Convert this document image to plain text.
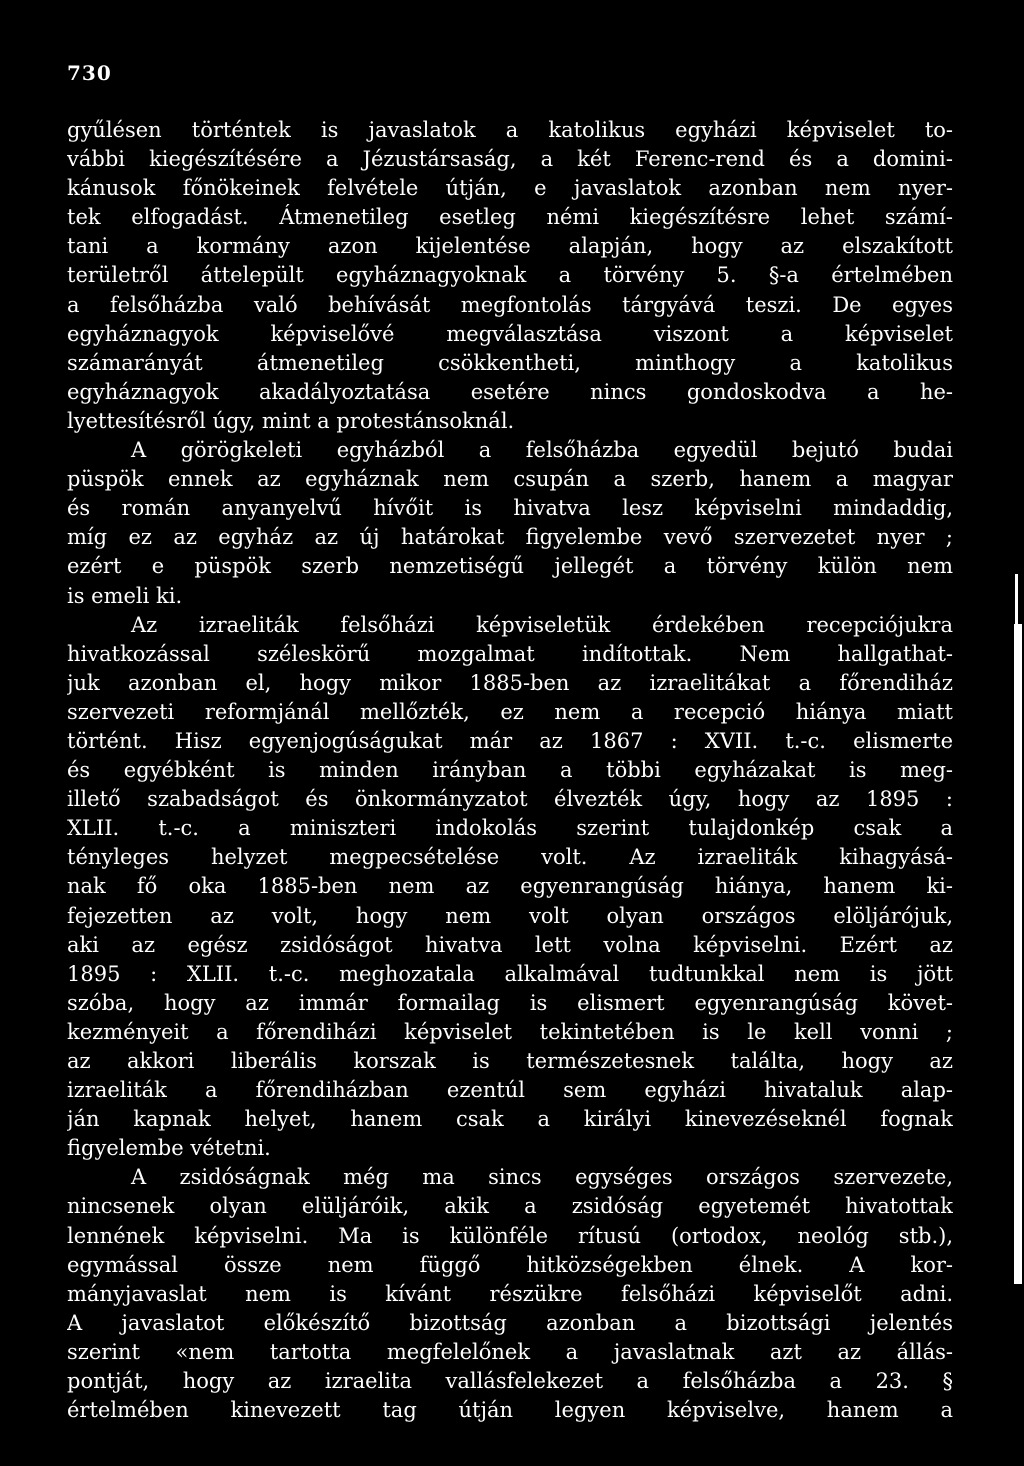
730
gyűlésen történtek is javaslatok a katolikus egyházi képviselet to-
vábbi kiegészítésére a Jézustársaság, a két Ferenc-rend és a domini-
kánusok főnökeinek felvétele útján, e javaslatok azonban nem nyer-
tek elfogadást. Átmenetileg esetleg némi kiegészítésre lehet számí-
tani a kormány azon kijelentése alapján, hogy az elszakított
területről áttelepült egyháznagyoknak a törvény 5. §-a értelmében
a felsőházba való behívását megfontolás tárgyává teszi. De egyes
egyháznagyok képviselővé megválasztása viszont a képviselet
számarányát átmenetileg csökkentheti, minthogy a katolikus
egyháznagyok akadályoztatása esetére nincs gondoskodva a he-
lyettesítésről úgy, mint a protestánsoknál.
A görögkeleti egyházból a felsőházba egyedül bejutó budai
püspök ennek az egyháznak nem csupán a szerb, hanem a magyar
és román anyanyelvű hívőit is hivatva lesz képviselni mindaddig,
míg ez az egyház az új határokat figyelembe vevő szervezetet nyer ;
ezért e püspök szerb nemzetiségű jellegét a törvény külön nem
is emeli ki.
Az izraeliták felsőházi képviseletük érdekében recepciójukra
hivatkozással széleskörű mozgalmat indítottak. Nem hallgathat-
juk azonban el, hogy mikor 1885-ben az izraelitákat a főrendiház
szervezeti reformjánál mellőzték, ez nem a recepció hiánya miatt
történt. Hisz egyenjogúságukat már az 1867 : XVII. t.-c. elismerte
és egyébként is minden irányban a többi egyházakat is meg-
illető szabadságot és önkormányzatot élvezték úgy, hogy az 1895 :
XLII. t.-c. a miniszteri indokolás szerint tulajdonkép csak a
tényleges helyzet megpecsételése volt. Az izraeliták kihagyásá-
nak fő oka 1885-ben nem az egyenrangúság hiánya, hanem ki-
fejezetten az volt, hogy nem volt olyan országos elöljárójuk,
aki az egész zsidóságot hivatva lett volna képviselni. Ezért az
1895 : XLII. t.-c. meghozatala alkalmával tudtunkkal nem is jött
szóba, hogy az immár formailag is elismert egyenrangúság követ-
kezményeit a főrendiházi képviselet tekintetében is le kell vonni ;
az akkori liberális korszak is természetesnek találta, hogy az
izraeliták a főrendiházban ezentúl sem egyházi hivataluk alap-
ján kapnak helyet, hanem csak a királyi kinevezéseknél fognak
figyelembe vétetni.
A zsidóságnak még ma sincs egységes országos szervezete,
nincsenek olyan elüljáróik, akik a zsidóság egyetemét hivatottak
lennének képviselni. Ma is különféle rítusú (ortodox, neológ stb.),
egymással össze nem függő hitközségekben élnek. A kor-
mányjavaslat nem is kívánt részükre felsőházi képviselőt adni.
A javaslatot előkészítő bizottság azonban a bizottsági jelentés
szerint «nem tartotta megfelelőnek a javaslatnak azt az állás-
pontját, hogy az izraelita vallásfelekezet a felsőházba a 23. §
értelmében kinevezett tag útján legyen képviselve, hanem a
